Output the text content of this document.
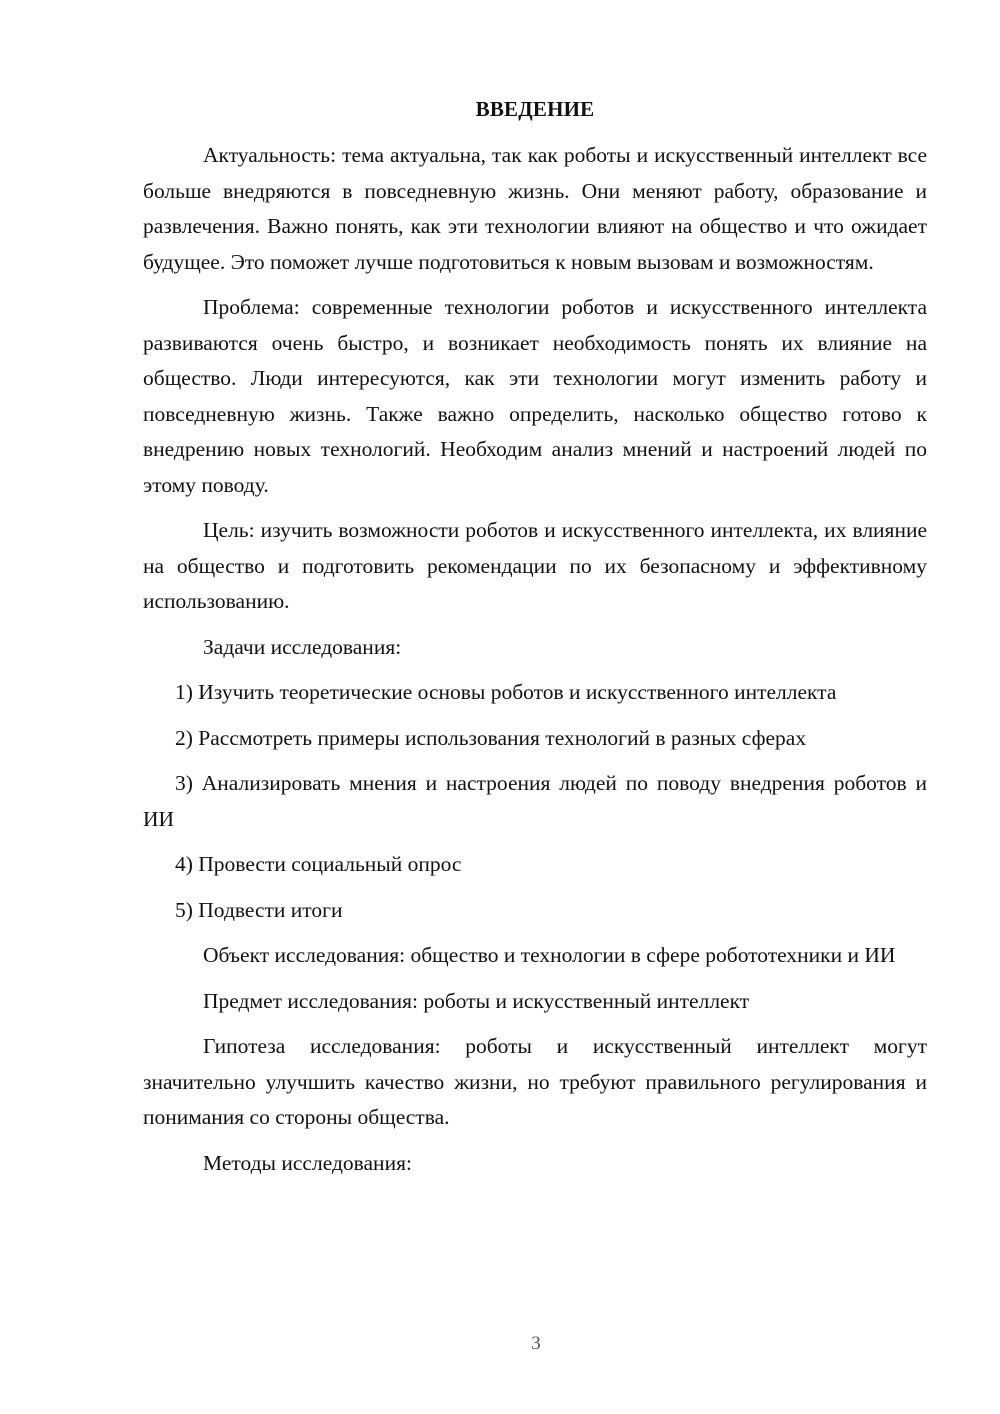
ВВЕДЕНИЕ

Актуальность: тема актуальна, так как роботы и искусственный интеллект все больше внедряются в повседневную жизнь. Они меняют работу, образование и развлечения. Важно понять, как эти технологии влияют на общество и что ожидает будущее. Это поможет лучше подготовиться к новым вызовам и возможностям.

Проблема: современные технологии роботов и искусственного интеллекта развиваются очень быстро, и возникает необходимость понять их влияние на общество. Люди интересуются, как эти технологии могут изменить работу и повседневную жизнь. Также важно определить, насколько общество готово к внедрению новых технологий. Необходим анализ мнений и настроений людей по этому поводу.

Цель: изучить возможности роботов и искусственного интеллекта, их влияние на общество и подготовить рекомендации по их безопасному и эффективному использованию.

Задачи исследования:

1) Изучить теоретические основы роботов и искусственного интеллекта

2) Рассмотреть примеры использования технологий в разных сферах

3) Анализировать мнения и настроения людей по поводу внедрения роботов и ИИ

4) Провести социальный опрос

5) Подвести итоги

Объект исследования: общество и технологии в сфере робототехники и ИИ

Предмет исследования: роботы и искусственный интеллект

Гипотеза исследования: роботы и искусственный интеллект могут значительно улучшить качество жизни, но требуют правильного регулирования и понимания со стороны общества.

Методы исследования:

3
